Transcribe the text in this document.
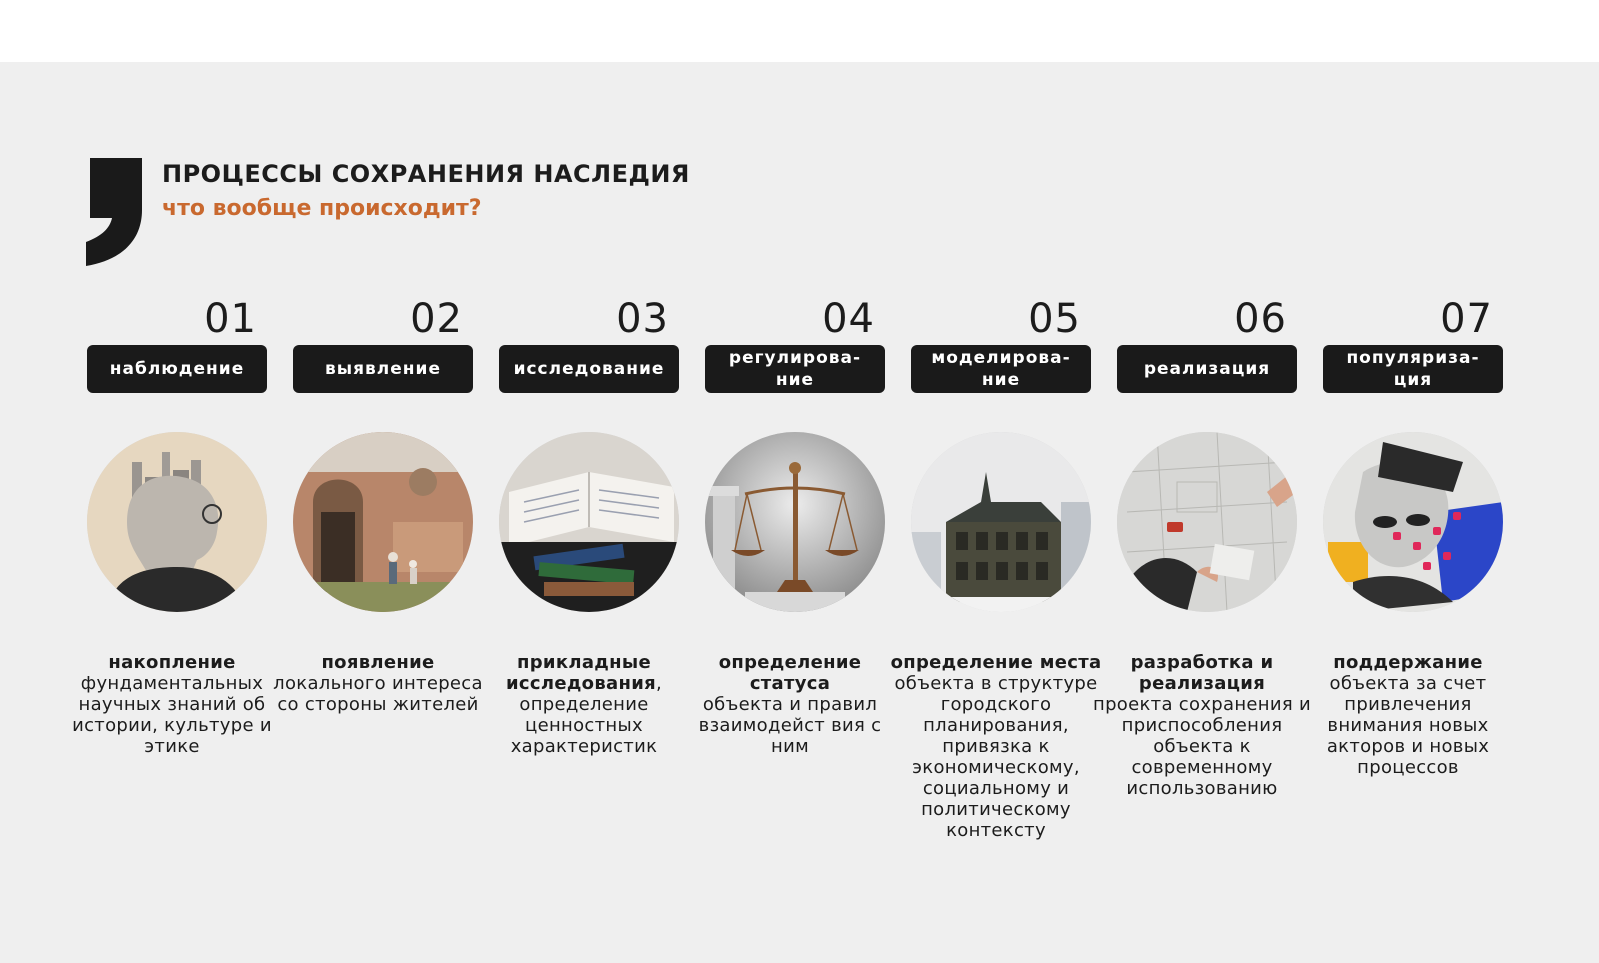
ПРОЦЕССЫ СОХРАНЕНИЯ НАСЛЕДИЯ
что вообще происходит?
01
наблюдение
накопление
фундаментальных научных знаний об истории, культуре и этике
02
выявление
появление
локального интереса со стороны жителей
03
исследование
прикладные исследования,
определение ценностных характеристик
04
регулирова-
ние
определение статуса
объекта и правил взаимодейст вия с ним
05
моделирова-
ние
определение места объекта в структуре городского планирования, привязка к экономическому, социальному и политическому контексту
06
реализация
разработка и реализация
проекта сохранения и приспособления объекта к современному использованию
07
популяриза-
ция
поддержание
объекта за счет привлечения внимания новых акторов и новых процессов
